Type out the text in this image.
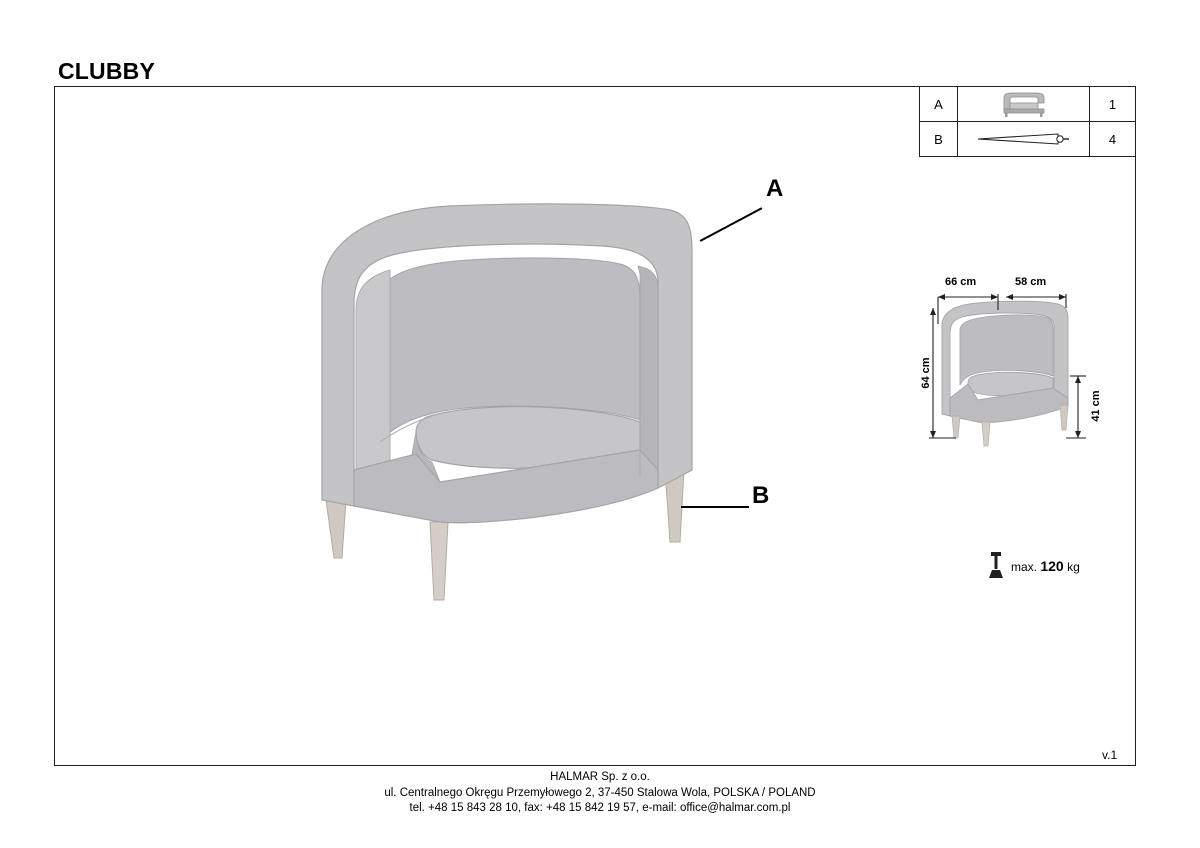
CLUBBY
A	1
B	4
A
B
66 cm	58 cm
64 cm
41 cm
max. 120 kg
v.1
HALMAR Sp. z o.o.
ul. Centralnego Okręgu Przemyłowego 2, 37-450 Stalowa Wola, POLSKA / POLAND
tel. +48 15 843 28 10, fax: +48 15 842 19 57, e-mail: office@halmar.com.pl
